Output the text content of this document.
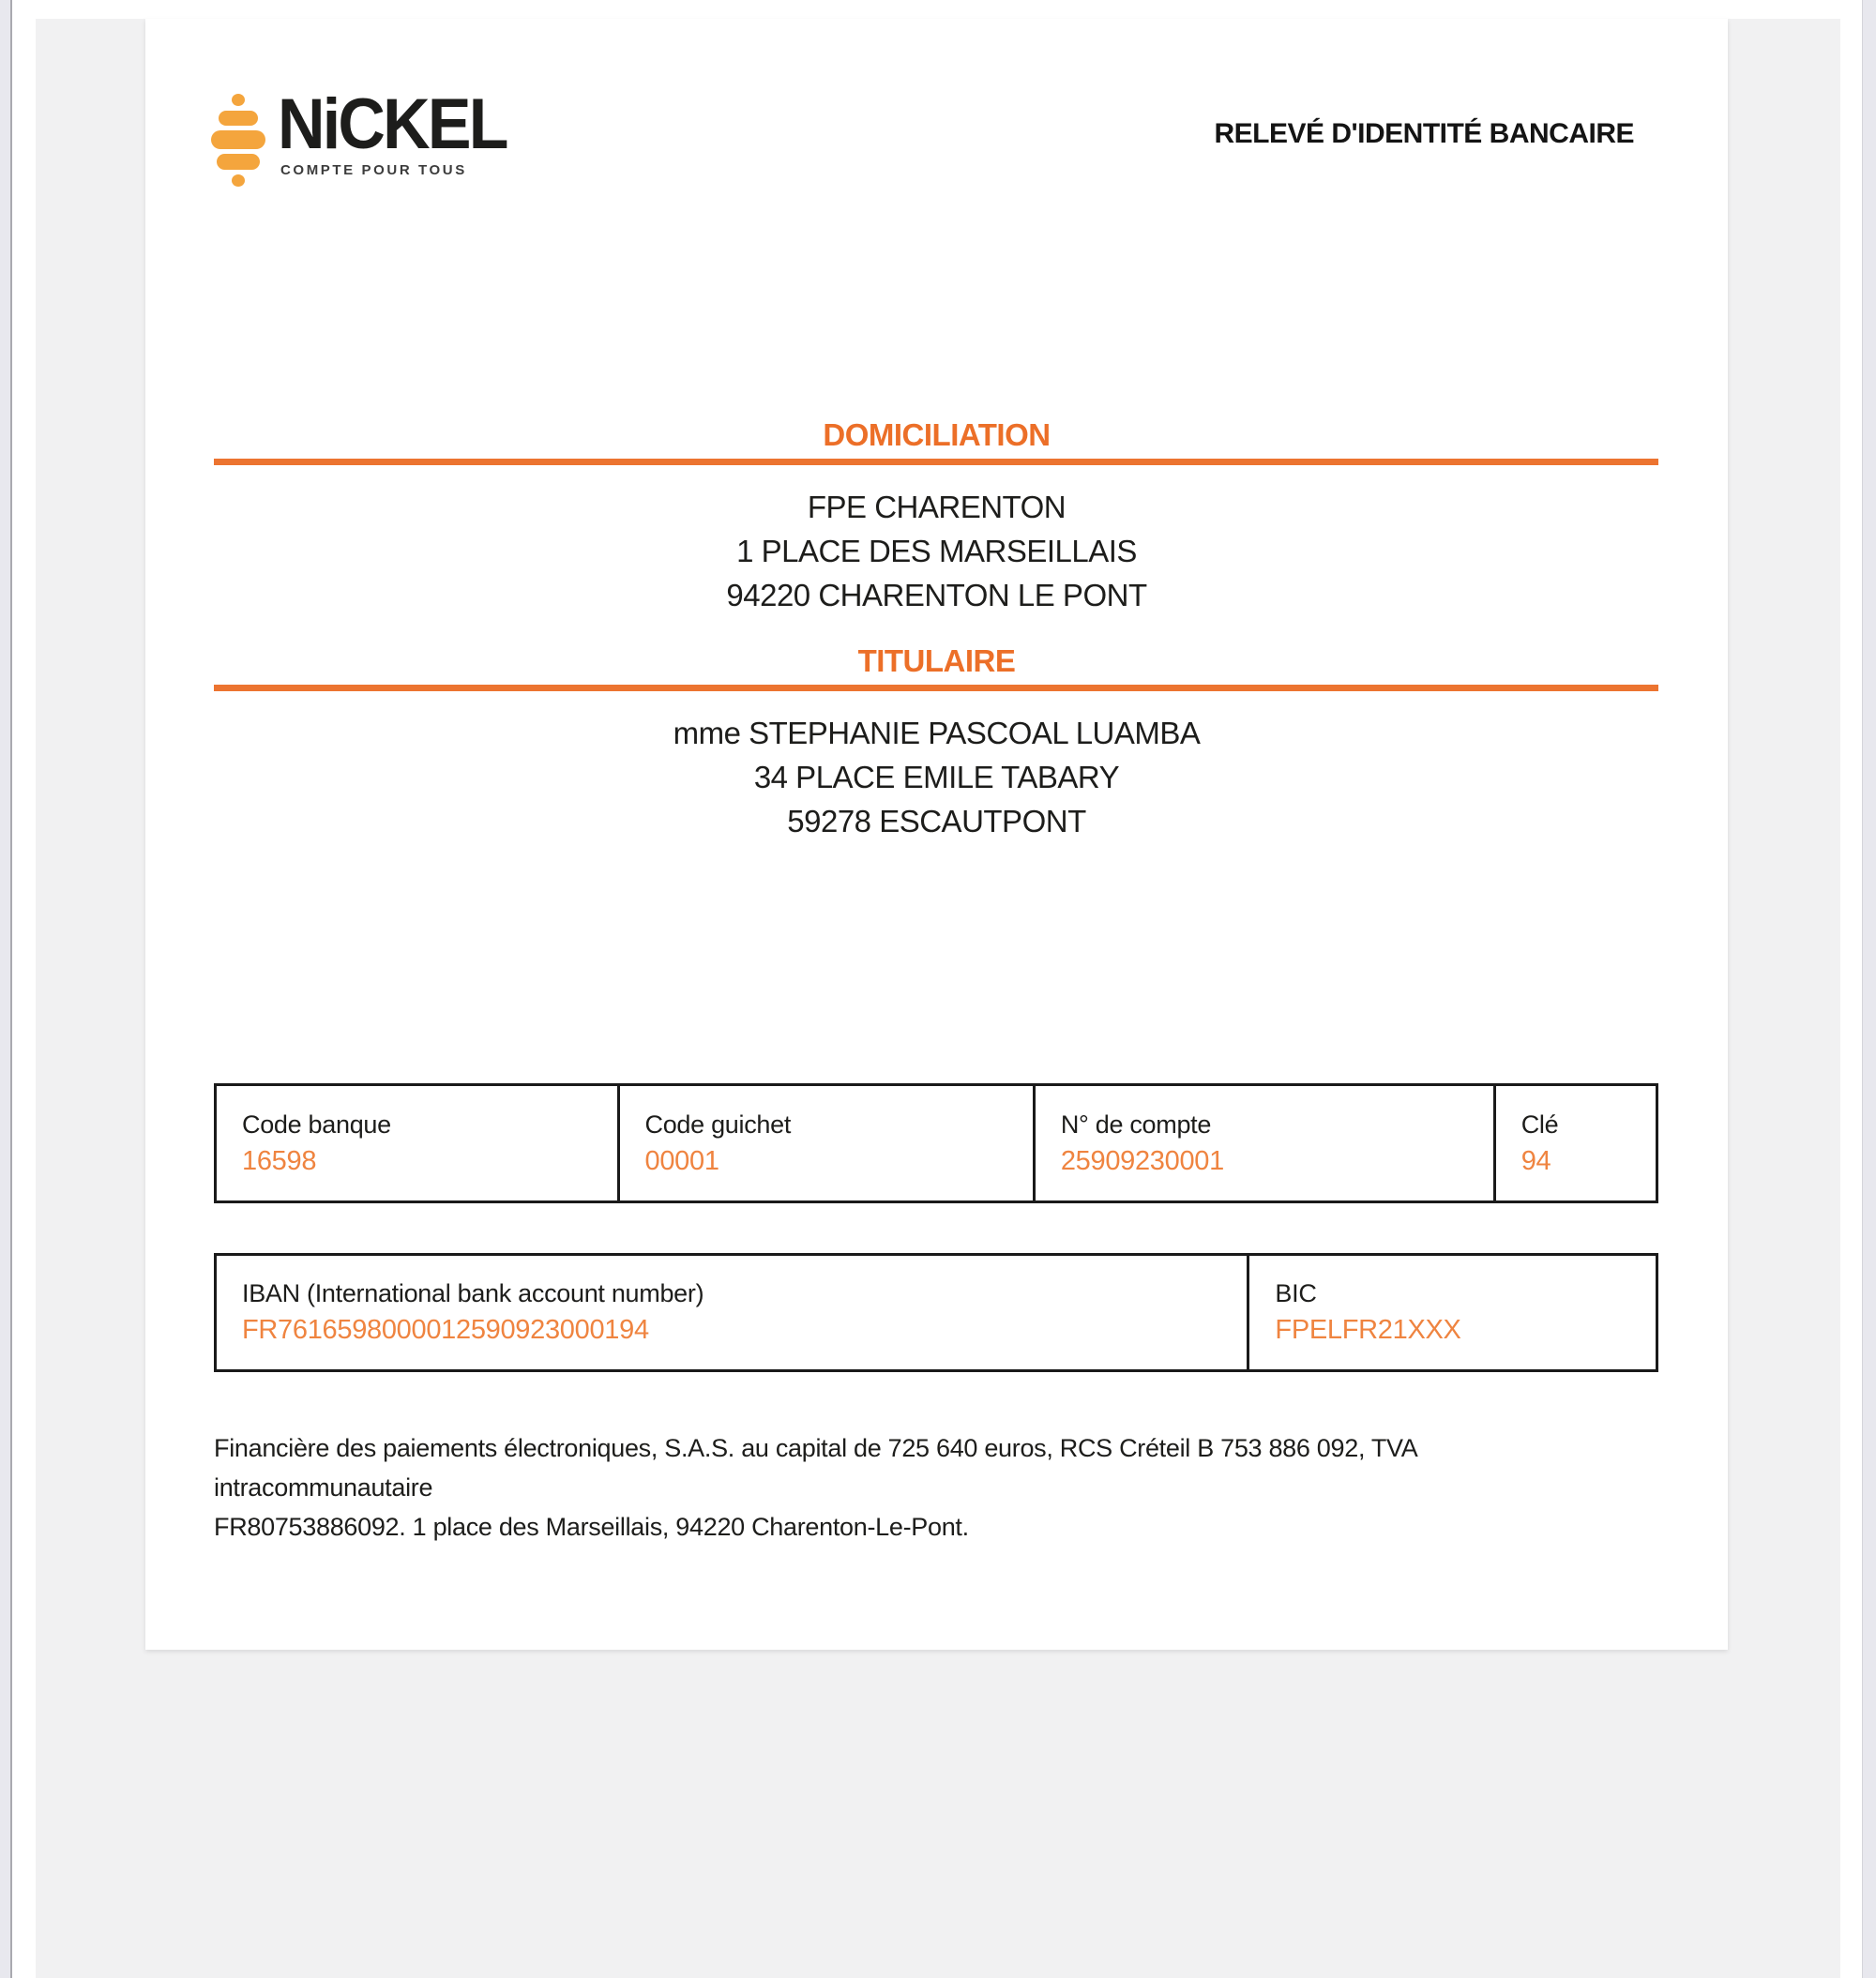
NiCKEL
COMPTE POUR TOUS
RELEVÉ D'IDENTITÉ BANCAIRE
DOMICILIATION
FPE CHARENTON
1 PLACE DES MARSEILLAIS
94220 CHARENTON LE PONT
TITULAIRE
mme STEPHANIE PASCOAL LUAMBA
34 PLACE EMILE TABARY
59278 ESCAUTPONT
Code banque
16598
Code guichet
00001
N° de compte
25909230001
Clé
94
IBAN (International bank account number)
FR7616598000012590923000194
BIC
FPELFR21XXX
Financière des paiements électroniques, S.A.S. au capital de 725 640 euros, RCS Créteil B 753 886 092, TVA intracommunautaire
FR80753886092. 1 place des Marseillais, 94220 Charenton-Le-Pont.
